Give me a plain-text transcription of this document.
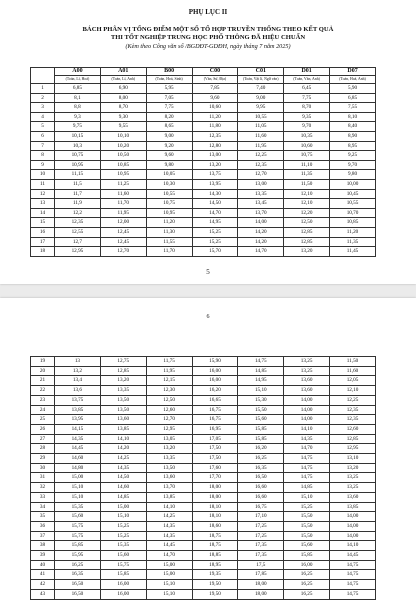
PHỤ LỤC II
BÁCH PHÂN VỊ TỔNG ĐIỂM MỘT SỐ TỔ HỢP TRUYỀN THỐNG THEO KẾT QUẢ
THI TỐT NGHIỆP TRUNG HỌC PHỔ THÔNG ĐÃ HIỆU CHUẨN
(Kèm theo Công văn số /BGDĐT-GDĐH, ngày tháng 7 năm 2025)
	A00	A01	B00	C00	C01	D01	D07
	(Toán, Lí, Hoá)	(Toán, Lí, Anh)	(Toán, Hoá, Sinh)	(Văn, Sử, Địa)	(Toán, Vật lí, Ngữ văn)	(Toán, Văn, Anh)	(Toán, Hoá, Anh)
1	6,85	6,90	5,95	7,85	7,40	6,45	5,90
2	8,1	8,00	7,05	9,60	9,00	7,75	6,85
3	8,8	8,70	7,75	10,60	9,95	8,70	7,55
4	9,3	9,30	8,20	11,20	10,55	9,35	8,10
5	9,75	9,55	8,65	11,80	11,05	9,70	8,40
6	10,15	10,10	9,00	12,35	11,60	10,35	8,90
7	10,3	10,20	9,20	12,80	11,95	10,60	8,95
8	10,75	10,50	9,60	13,00	12,25	10,75	9,25
9	10,95	10,85	9,80	13,20	12,35	11,10	9,70
10	11,15	10,95	10,05	13,75	12,70	11,35	9,80
11	11,5	11,25	10,30	13,95	13,00	11,50	10,00
12	11,7	11,60	10,55	14,30	13,35	12,10	10,45
13	11,9	11,70	10,75	14,50	13,45	12,10	10,55
14	12,2	11,95	10,95	14,70	13,70	12,20	10,70
15	12,35	12,00	11,20	14,95	14,00	12,50	10,85
16	12,55	12,45	11,30	15,25	14,20	12,85	11,20
17	12,7	12,45	11,55	15,25	14,20	12,85	11,35
18	12,95	12,70	11,70	15,70	14,70	13,20	11,45
5
6
19	13	12,75	11,75	15,90	14,75	13,25	11,50
20	13,2	12,85	11,95	16,00	14,85	13,25	11,60
21	13,4	13,20	12,15	16,00	14,95	13,60	12,05
22	13,6	13,35	12,30	16,20	15,10	13,60	12,10
23	13,75	13,50	12,50	16,65	15,30	14,00	12,25
24	13,85	13,50	12,60	16,75	15,50	14,00	12,35
25	13,95	13,60	12,70	16,75	15,60	14,00	12,35
26	14,15	13,85	12,95	16,95	15,85	14,10	12,60
27	14,35	14,10	13,05	17,05	15,85	14,35	12,85
28	14,45	14,20	13,20	17,50	16,20	14,70	12,95
29	14,60	14,25	13,35	17,50	16,25	14,75	13,10
30	14,80	14,35	13,50	17,60	16,35	14,75	13,20
31	15,00	14,50	13,60	17,70	16,50	14,75	13,25
32	15,10	14,60	13,70	18,00	16,60	14,85	13,25
33	15,10	14,85	13,85	18,00	16,60	15,10	13,60
34	15,35	15,00	14,10	18,10	16,75	15,25	13,85
35	15,60	15,10	14,25	18,10	17,10	15,50	14,00
36	15,75	15,25	14,35	18,60	17,25	15,50	14,00
37	15,75	15,25	14,35	18,75	17,25	15,50	14,00
38	15,85	15,35	14,45	18,75	17,35	15,60	14,10
39	15,95	15,60	14,70	18,85	17,35	15,85	14,45
40	16,25	15,75	15,00	18,95	17,5	16,00	14,75
41	16,35	15,85	15,00	19,35	17,85	16,25	14,75
42	16,50	16,00	15,10	19,50	18,00	16,25	14,75
43	16,50	16,00	15,10	19,50	18,00	16,25	14,75
